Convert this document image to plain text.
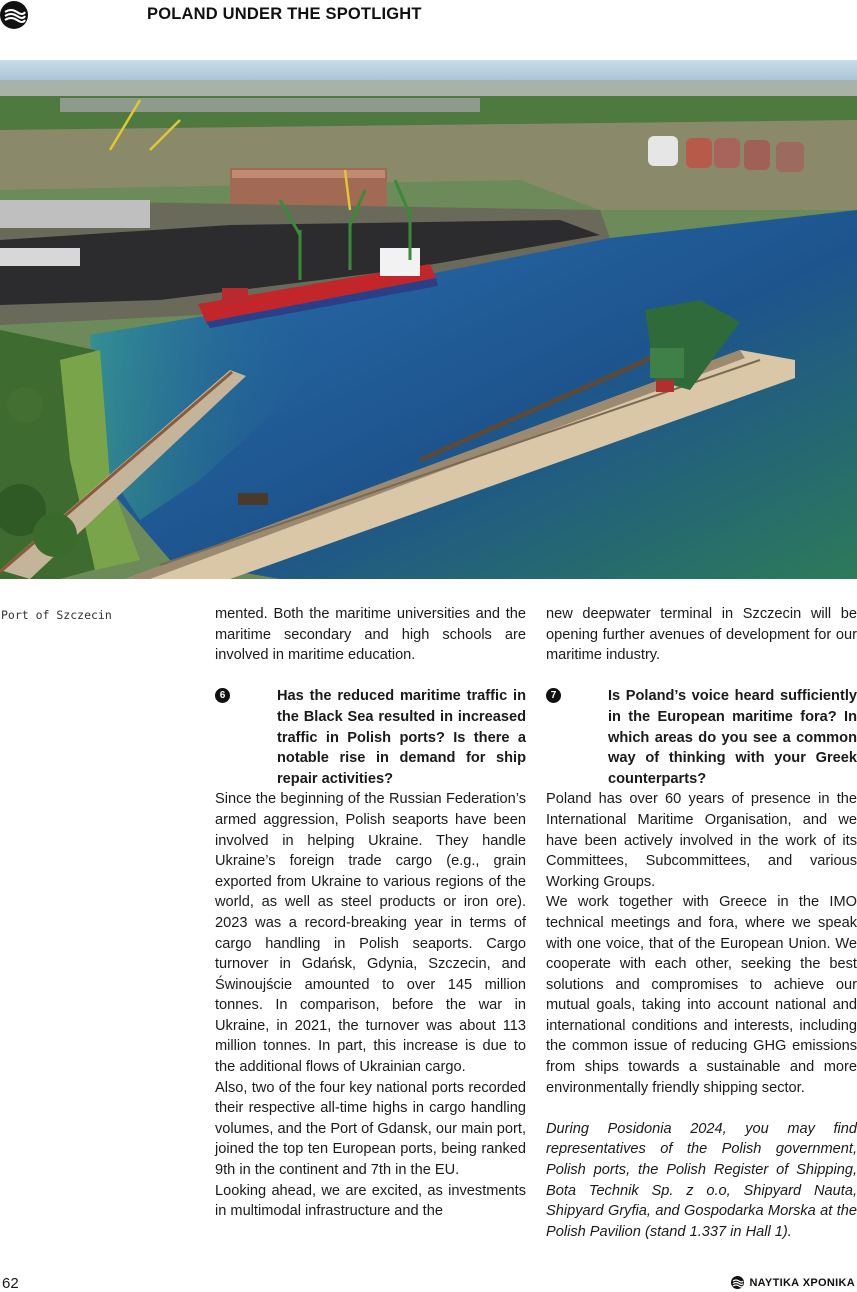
POLAND UNDER THE SPOTLIGHT
Port of Szczecin	mented. Both the maritime universities and the maritime secondary and high schools are involved in maritime education.

6	Has the reduced maritime traffic in the Black Sea resulted in increased traffic in Polish ports? Is there a notable rise in demand for ship repair activities?

Since the beginning of the Russian Federation’s armed aggression, Polish seaports have been involved in helping Ukraine. They handle Ukraine’s foreign trade cargo (e.g., grain exported from Ukraine to various regions of the world, as well as steel products or iron ore). 2023 was a record-breaking year in terms of cargo handling in Polish seaports. Cargo turnover in Gdańsk, Gdynia, Szczecin, and Świnoujście amounted to over 145 million tonnes. In comparison, before the war in Ukraine, in 2021, the turnover was about 113 million tonnes. In part, this increase is due to the additional flows of Ukrainian cargo.

Also, two of the four key national ports recorded their respective all-time highs in cargo handling volumes, and the Port of Gdansk, our main port, joined the top ten European ports, being ranked 9th in the continent and 7th in the EU.

Looking ahead, we are excited, as investments in multimodal infrastructure and the

new deepwater terminal in Szczecin will be opening further avenues of development for our maritime industry.

7	Is Poland’s voice heard sufficiently in the European maritime fora? In which areas do you see a common way of thinking with your Greek counterparts?

Poland has over 60 years of presence in the International Maritime Organisation, and we have been actively involved in the work of its Committees, Subcommittees, and various Working Groups.

We work together with Greece in the IMO technical meetings and fora, where we speak with one voice, that of the European Union. We cooperate with each other, seeking the best solutions and compromises to achieve our mutual goals, taking into account national and international conditions and interests, including the common issue of reducing GHG emissions from ships towards a sustainable and more environmentally friendly shipping sector.

During Posidonia 2024, you may find representatives of the Polish government, Polish ports, the Polish Register of Shipping, Bota Technik Sp. z o.o, Shipyard Nauta, Shipyard Gryfia, and Gospodarka Morska at the Polish Pavilion (stand 1.337 in Hall 1).

62	ΝΑΥΤΙΚΑ ΧΡΟΝΙΚΑ
